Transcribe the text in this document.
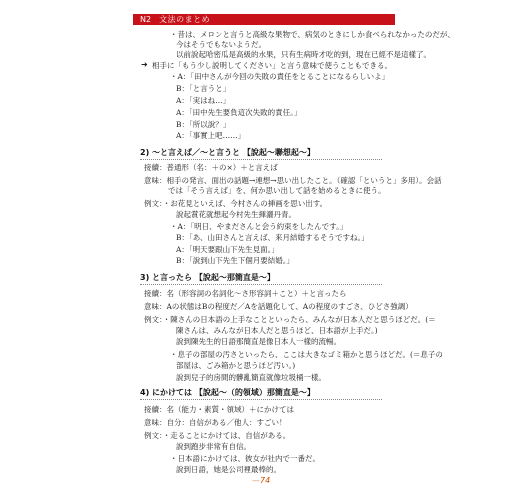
N2 文法のまとめ
・昔は、メロンと言うと高級な果物で、病気のときにしか食べられなかったのだが、
今はそうでもないようだ。
以前說起哈密瓜是高級的水果，只有生病時才吃的到，現在已經不是這樣了。
➜ 相手に「もう少し説明してください」と言う意味で使うこともできる。
・A：「田中さんが今回の失敗の責任をとることになるらしいよ」
B：「と言うと」
A：「実はね…」
A：「田中先生要負這次失敗的責任。」
B：「所以說？」
A：「事實上吧……」
2) ～と言えば／～と言うと 【說起～聯想起～】
接續：普通形（名：＋の×）＋と言えば
意味：相手の発言、面出の話題→連想→思い出したこと。（確認「というと」多用）。会話
では「そう言えば」を、何か思い出して話を始めるときに使う。
例文：・お花見といえば、今村さんの挿画を思い出す。
說起賞花就想起今村先生揮灑丹青。
・A：「明日、やまださんと会う約束をしたんです。」
B：「あ、山田さんと言えば、来月結婚するそうですね。」
A：「明天要跟山下先生見面。」
B：「說到山下先生下個月要結婚。」
3) と言ったら 【說起～那簡直是～】
接續：名（形容詞の名詞化～さ形容詞＋こと）＋と言ったら
意味：Aの状態はBの程度だ／Aを話題化して、Aの程度のすごさ、ひどさ強調）
例文：・陳さんの日本語の上手なことといったら、みんなが日本人だと思うほどだ。(＝
陳さんは、みんなが日本人だと思うほど、日本語が上手だ。)
說到陳先生的日語那簡直是像日本人一樣的流暢。
・息子の部屋の汚さといったら、ここは大きなゴミ箱かと思うほどだ。(＝息子の
部屋は、ごみ箱かと思うほど汚い。)
說到兒子的房間的髒亂簡直就像垃圾桶一樣。
4) にかけては 【說起～（的領域）那簡直是～】
接續：名（能力・素質・領域）＋にかけては
意味：自分：自信がある／他人：すごい！
例文：・走ることにかけては、自信がある。
說到跑步非常有自信。
・日本語にかけては、彼女が社内で一番だ。
說到日語，她是公司裡最棒的。
—74
